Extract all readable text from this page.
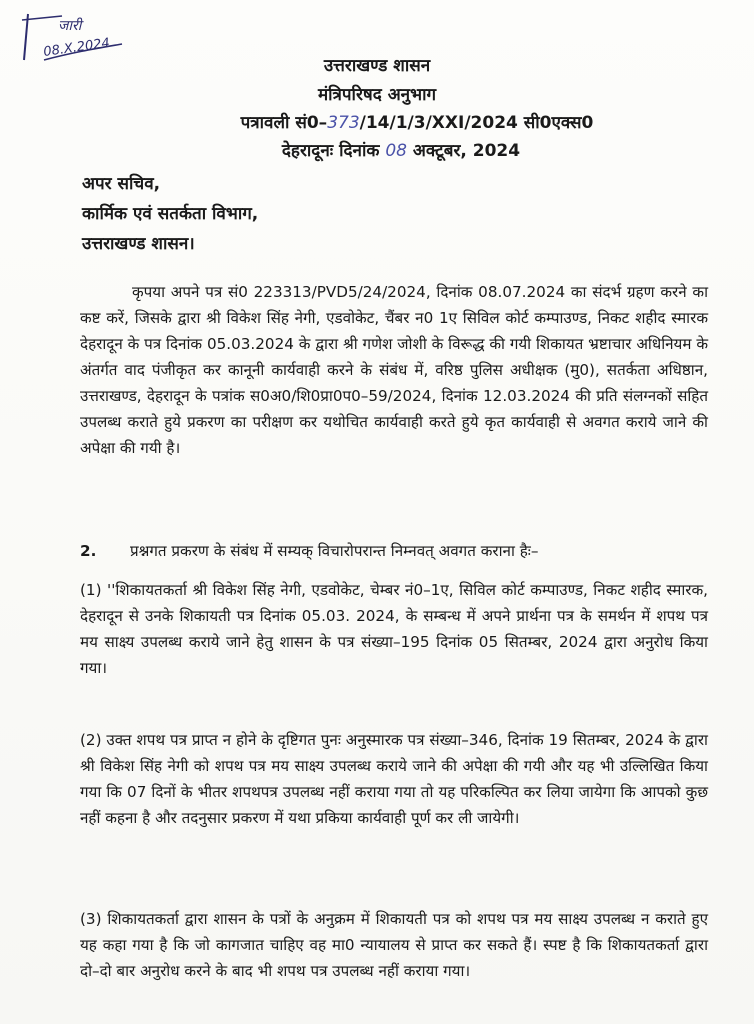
उत्तराखण्ड शासन
मंत्रिपरिषद अनुभाग
पत्रावली सं0–373/14/1/3/XXI/2024 सी0एक्स0
देहरादूनः दिनांक 08 अक्टूबर, 2024
अपर सचिव,
कार्मिक एवं सतर्कता विभाग,
उत्तराखण्ड शासन।
कृपया अपने पत्र सं0 223313/PVD5/24/2024, दिनांक 08.07.2024 का संदर्भ ग्रहण करने का कष्ट करें, जिसके द्वारा श्री विकेश सिंह नेगी, एडवोकेट, चैंबर न0 1ए सिविल कोर्ट कम्पाउण्ड, निकट शहीद स्मारक देहरादून के पत्र दिनांक 05.03.2024 के द्वारा श्री गणेश जोशी के विरूद्ध की गयी शिकायत भ्रष्टाचार अधिनियम के अंतर्गत वाद पंजीकृत कर कानूनी कार्यवाही करने के संबंध में, वरिष्ठ पुलिस अधीक्षक (मु0), सतर्कता अधिष्ठान, उत्तराखण्ड, देहरादून के पत्रांक स0अ0/शि0प्रा0प0–59/2024, दिनांक 12.03.2024 की प्रति संलग्नकों सहित उपलब्ध कराते हुये प्रकरण का परीक्षण कर यथोचित कार्यवाही करते हुये कृत कार्यवाही से अवगत कराये जाने की अपेक्षा की गयी है।
2. प्रश्नगत प्रकरण के संबंध में सम्यक् विचारोपरान्त निम्नवत् अवगत कराना हैः–
(1) ''शिकायतकर्ता श्री विकेश सिंह नेगी, एडवोकेट, चेम्बर नं0–1ए, सिविल कोर्ट कम्पाउण्ड, निकट शहीद स्मारक, देहरादून से उनके शिकायती पत्र दिनांक 05.03. 2024, के सम्बन्ध में अपने प्रार्थना पत्र के समर्थन में शपथ पत्र मय साक्ष्य उपलब्ध कराये जाने हेतु शासन के पत्र संख्या–195 दिनांक 05 सितम्बर, 2024 द्वारा अनुरोध किया गया।
(2) उक्त शपथ पत्र प्राप्त न होने के दृष्टिगत पुनः अनुस्मारक पत्र संख्या–346, दिनांक 19 सितम्बर, 2024 के द्वारा श्री विकेश सिंह नेगी को शपथ पत्र मय साक्ष्य उपलब्ध कराये जाने की अपेक्षा की गयी और यह भी उल्लिखित किया गया कि 07 दिनों के भीतर शपथपत्र उपलब्ध नहीं कराया गया तो यह परिकल्पित कर लिया जायेगा कि आपको कुछ नहीं कहना है और तदनुसार प्रकरण में यथा प्रकिया कार्यवाही पूर्ण कर ली जायेगी।
(3) शिकायतकर्ता द्वारा शासन के पत्रों के अनुक्रम में शिकायती पत्र को शपथ पत्र मय साक्ष्य उपलब्ध न कराते हुए यह कहा गया है कि जो कागजात चाहिए वह मा0 न्यायालय से प्राप्त कर सकते हैं। स्पष्ट है कि शिकायतकर्ता द्वारा दो–दो बार अनुरोध करने के बाद भी शपथ पत्र उपलब्ध नहीं कराया गया।
जारी
08.X.2024
